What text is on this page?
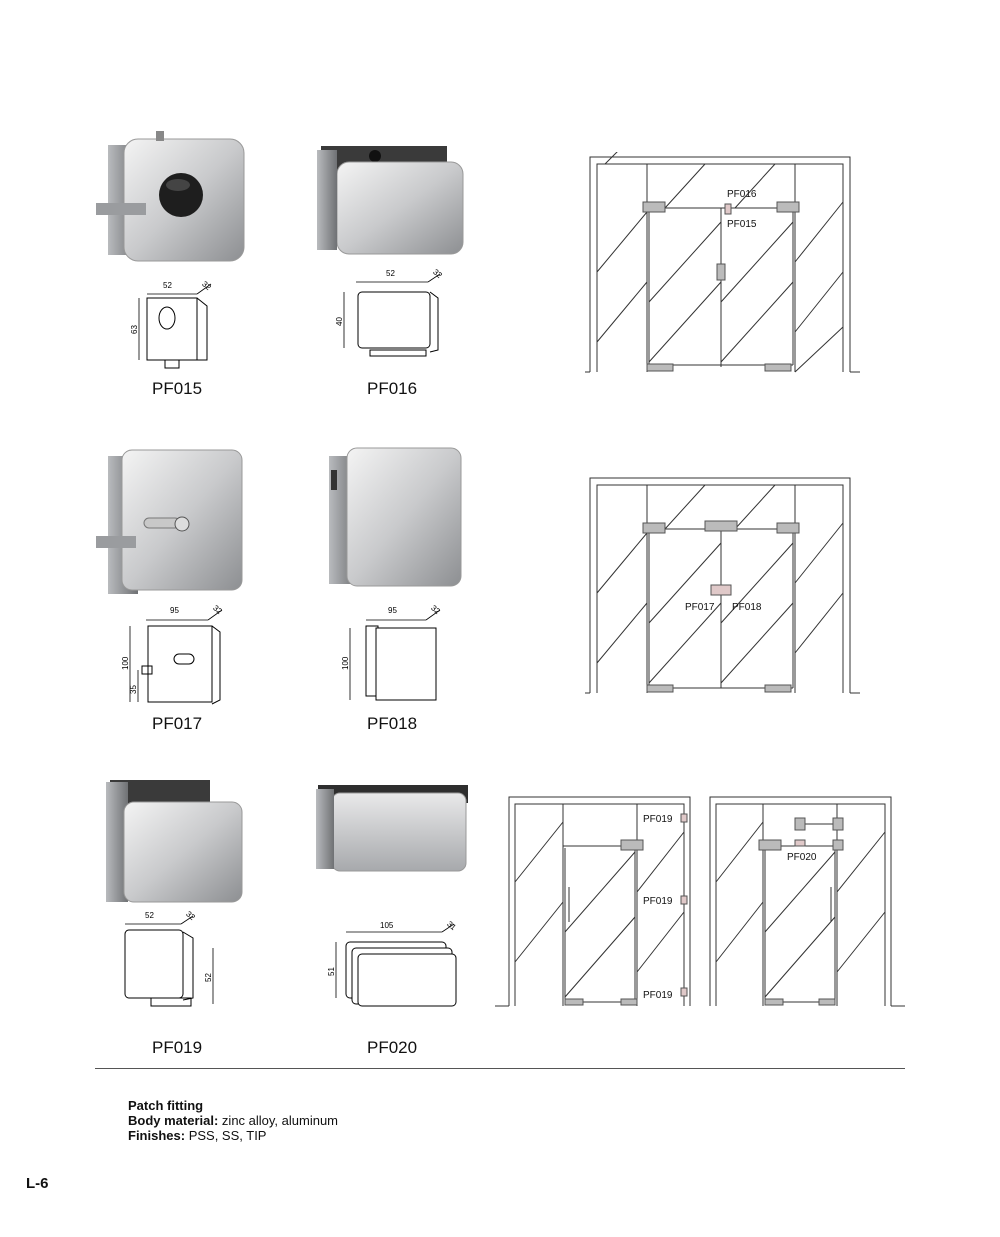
52	32
63
52	32
40
PF015	PF016
95	32
100
35
95	32
100
PF017	PF018
52	32
52
105	31
51
PF019	PF020
PF016
PF015
PF017 PF018
PF019
PF019
PF019
PF020
Patch fitting
Body material: zinc alloy, aluminum
Finishes: PSS, SS, TIP
L-6
